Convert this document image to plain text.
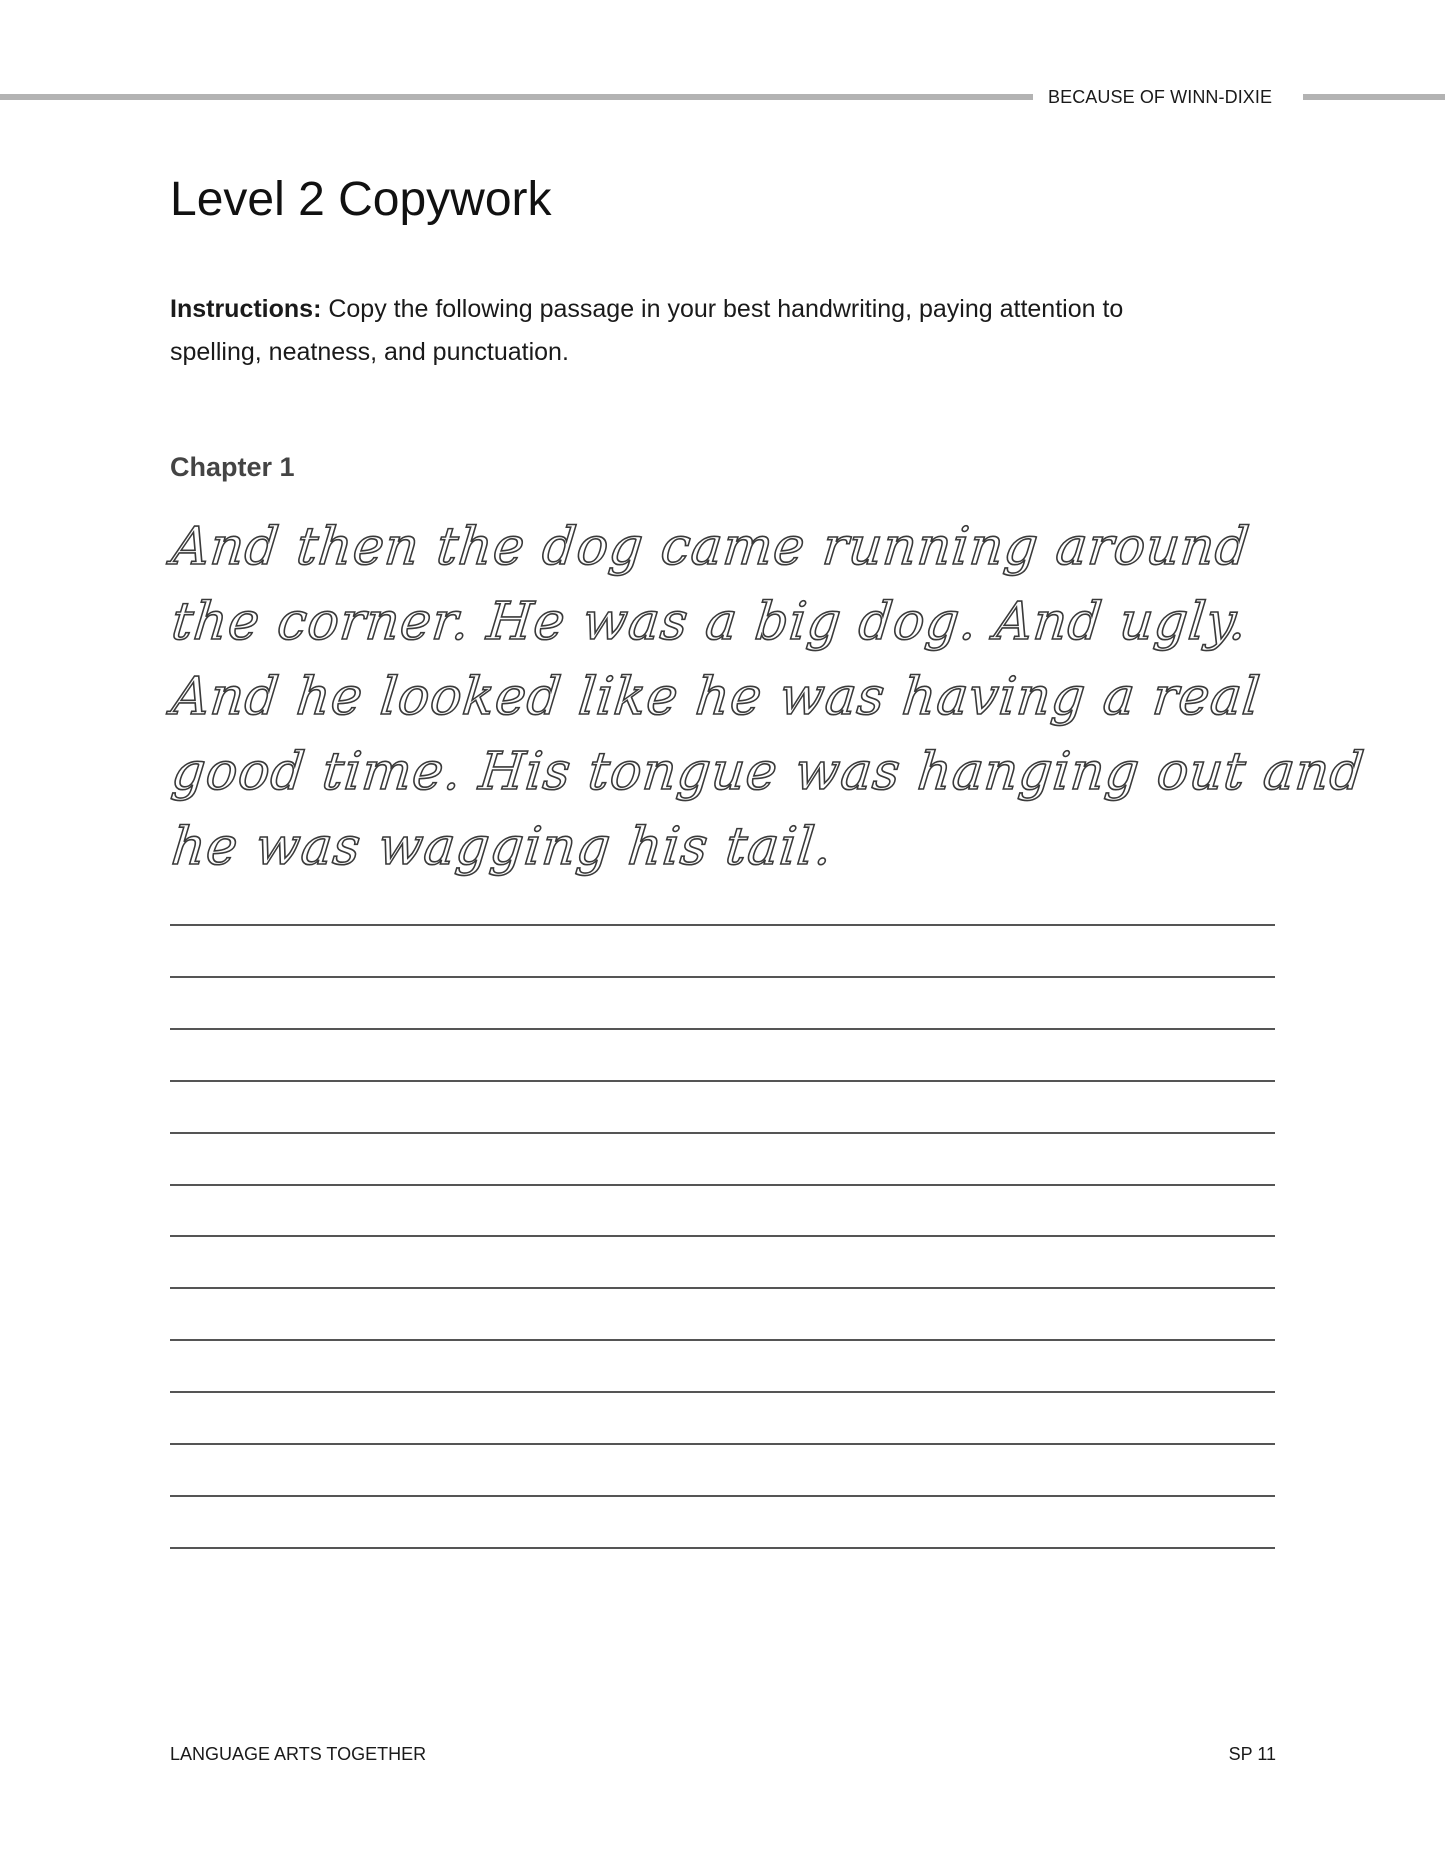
BECAUSE OF WINN-DIXIE
Level 2 Copywork

Instructions: Copy the following passage in your best handwriting, paying attention to spelling, neatness, and punctuation.

Chapter 1
And then the dog came running around
the corner. He was a big dog. And ugly.
And he looked like he was having a real
good time. His tongue was hanging out and
he was wagging his tail.
LANGUAGE ARTS TOGETHER	SP 11
